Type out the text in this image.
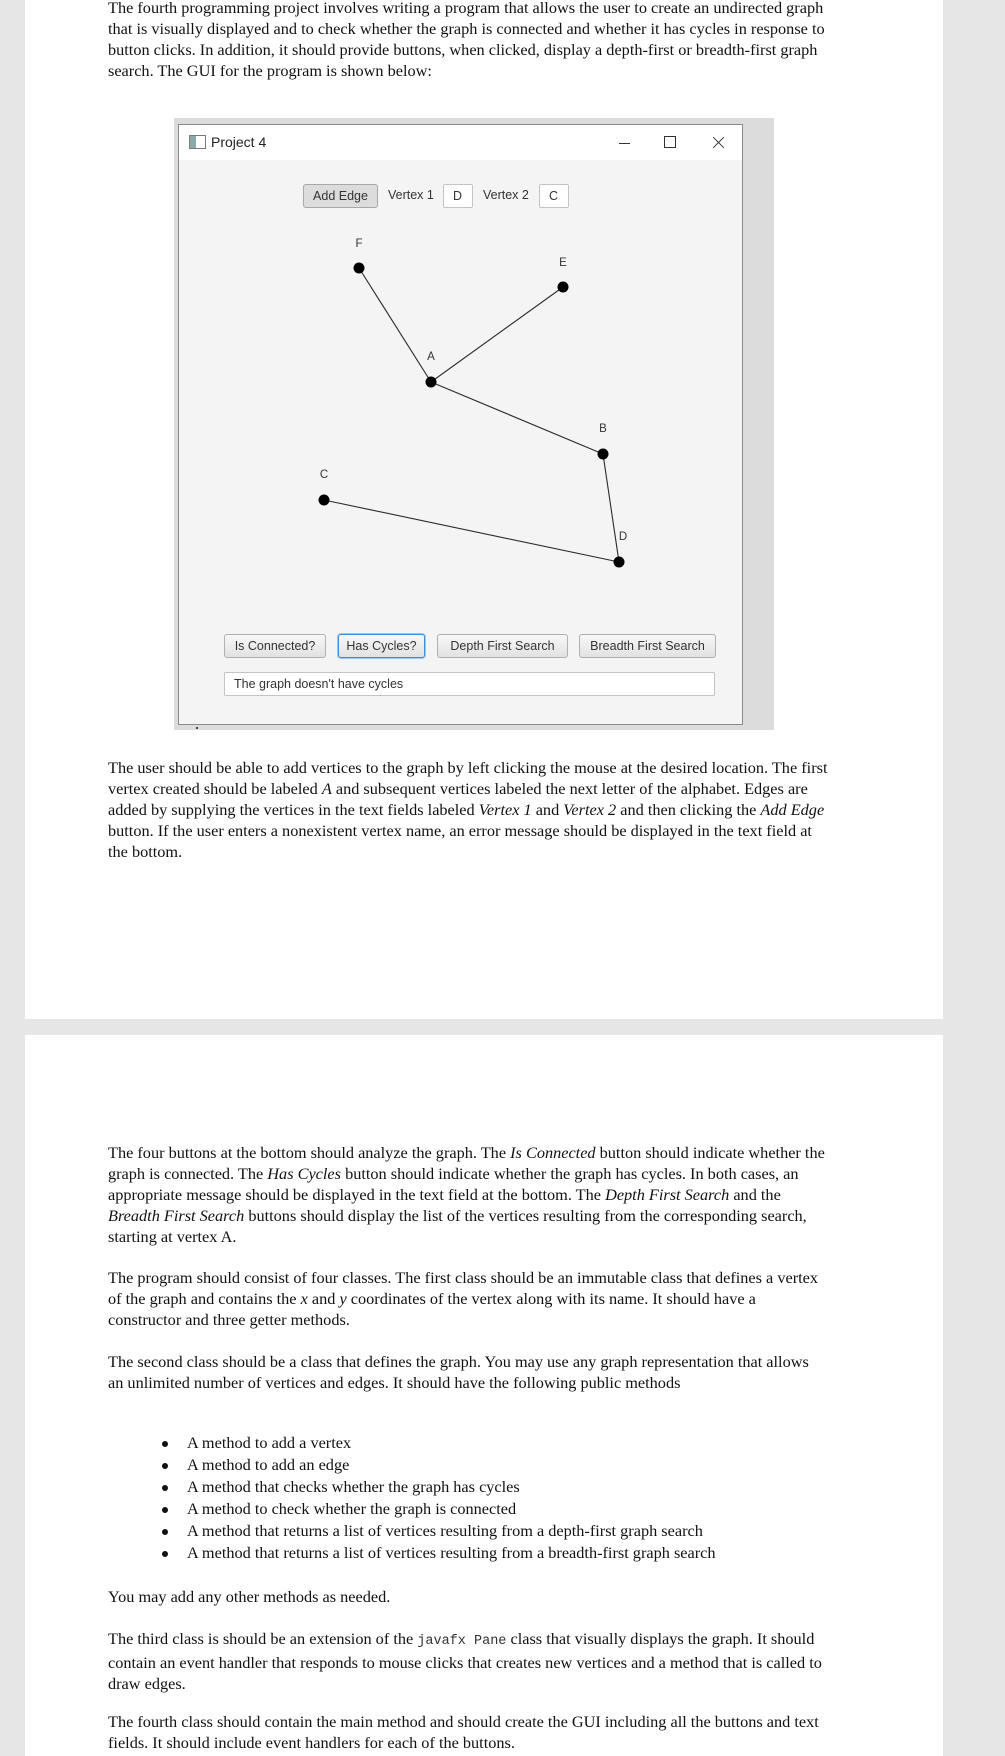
The fourth programming project involves writing a program that allows the user to create an undirected graph that is visually displayed and to check whether the graph is connected and whether it has cycles in response to button clicks. In addition, it should provide buttons, when clicked, display a depth-first or breadth-first graph search. The GUI for the program is shown below:

Project 4
Add Edge	Vertex 1	D	Vertex 2	C
F
E
A
B
C
D
Is Connected?	Has Cycles?	Depth First Search	Breadth First Search
The graph doesn't have cycles

The user should be able to add vertices to the graph by left clicking the mouse at the desired location. The first vertex created should be labeled A and subsequent vertices labeled the next letter of the alphabet. Edges are added by supplying the vertices in the text fields labeled Vertex 1 and Vertex 2 and then clicking the Add Edge button. If the user enters a nonexistent vertex name, an error message should be displayed in the text field at the bottom.

The four buttons at the bottom should analyze the graph. The Is Connected button should indicate whether the graph is connected. The Has Cycles button should indicate whether the graph has cycles. In both cases, an appropriate message should be displayed in the text field at the bottom. The Depth First Search and the Breadth First Search buttons should display the list of the vertices resulting from the corresponding search, starting at vertex A.

The program should consist of four classes. The first class should be an immutable class that defines a vertex of the graph and contains the x and y coordinates of the vertex along with its name. It should have a constructor and three getter methods.

The second class should be a class that defines the graph. You may use any graph representation that allows an unlimited number of vertices and edges. It should have the following public methods

A method to add a vertex
A method to add an edge
A method that checks whether the graph has cycles
A method to check whether the graph is connected
A method that returns a list of vertices resulting from a depth-first graph search
A method that returns a list of vertices resulting from a breadth-first graph search

You may add any other methods as needed.

The third class is should be an extension of the javafx Pane class that visually displays the graph. It should contain an event handler that responds to mouse clicks that creates new vertices and a method that is called to draw edges.

The fourth class should contain the main method and should create the GUI including all the buttons and text fields. It should include event handlers for each of the buttons.
